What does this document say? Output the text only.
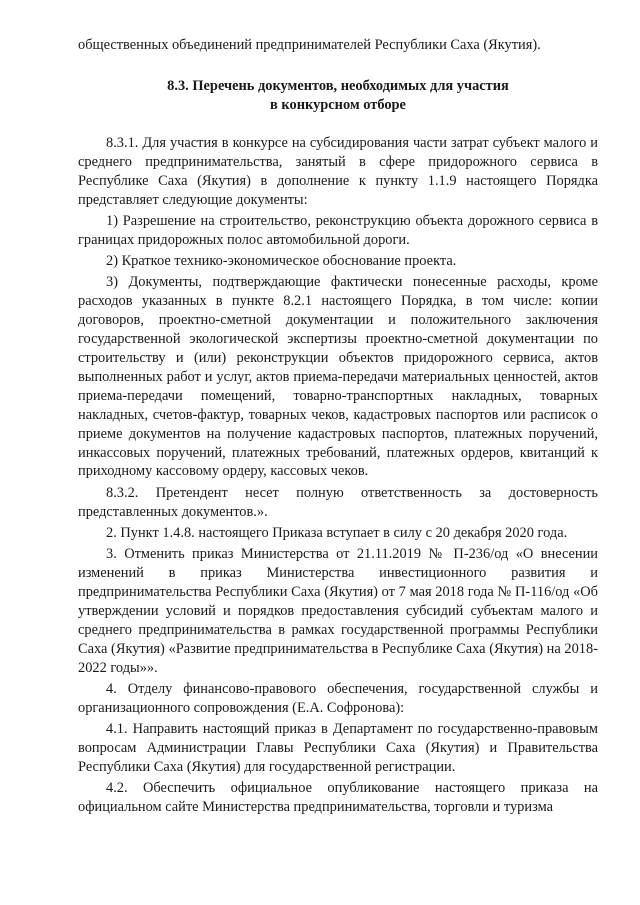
общественных объединений предпринимателей Республики Саха (Якутия).

8.3. Перечень документов, необходимых для участия
в конкурсном отборе

8.3.1. Для участия в конкурсе на субсидирования части затрат субъект малого и среднего предпринимательства, занятый в сфере придорожного сервиса в Республике Саха (Якутия) в дополнение к пункту 1.1.9 настоящего Порядка представляет следующие документы:

1) Разрешение на строительство, реконструкцию объекта дорожного сервиса в границах придорожных полос автомобильной дороги.

2) Краткое технико-экономическое обоснование проекта.

3) Документы, подтверждающие фактически понесенные расходы, кроме расходов указанных в пункте 8.2.1 настоящего Порядка, в том числе: копии договоров, проектно-сметной документации и положительного заключения государственной экологической экспертизы проектно-сметной документации по строительству и (или) реконструкции объектов придорожного сервиса, актов выполненных работ и услуг, актов приема-передачи материальных ценностей, актов приема-передачи помещений, товарно-транспортных накладных, товарных накладных, счетов-фактур, товарных чеков, кадастровых паспортов или расписок о приеме документов на получение кадастровых паспортов, платежных поручений, инкассовых поручений, платежных требований, платежных ордеров, квитанций к приходному кассовому ордеру, кассовых чеков.

8.3.2. Претендент несет полную ответственность за достоверность представленных документов.».

2. Пункт 1.4.8. настоящего Приказа вступает в силу с 20 декабря 2020 года.

3. Отменить приказ Министерства от 21.11.2019 № П-236/од «О внесении изменений в приказ Министерства инвестиционного развития и предпринимательства Республики Саха (Якутия) от 7 мая 2018 года № П-116/од «Об утверждении условий и порядков предоставления субсидий субъектам малого и среднего предпринимательства в рамках государственной программы Республики Саха (Якутия) «Развитие предпринимательства в Республике Саха (Якутия) на 2018-2022 годы»».

4. Отделу финансово-правового обеспечения, государственной службы и организационного сопровождения (Е.А. Софронова):

4.1. Направить настоящий приказ в Департамент по государственно-правовым вопросам Администрации Главы Республики Саха (Якутия) и Правительства Республики Саха (Якутия) для государственной регистрации.

4.2. Обеспечить официальное опубликование настоящего приказа на официальном сайте Министерства предпринимательства, торговли и туризма
